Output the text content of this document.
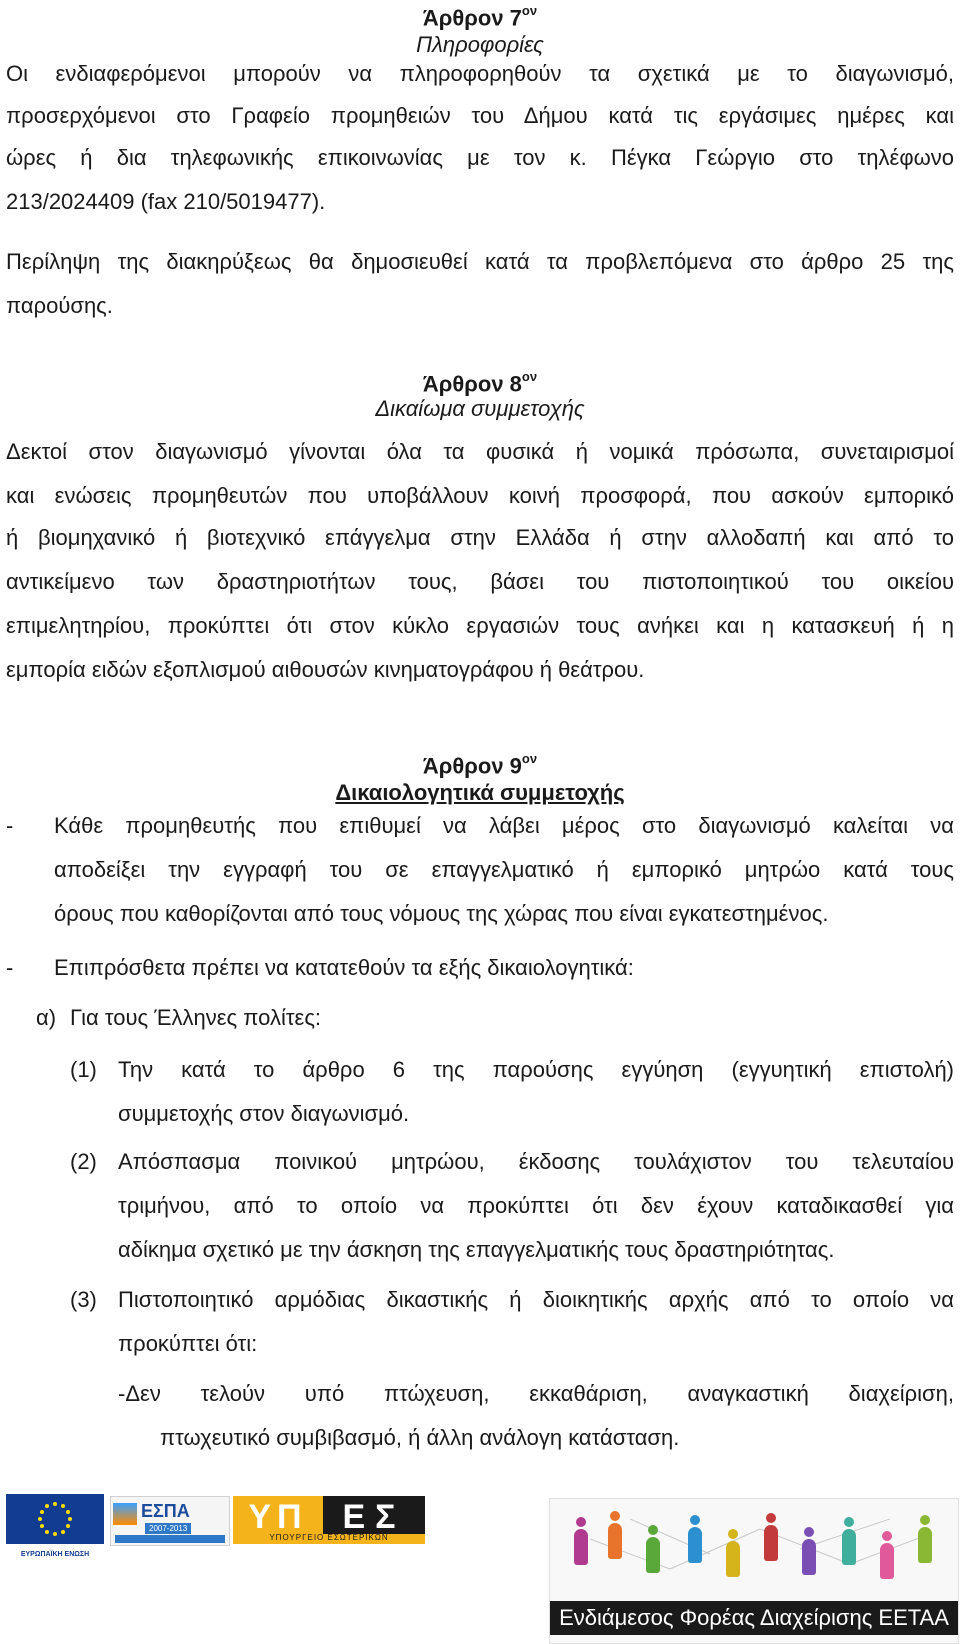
Άρθρον $7^{o\nu}$
Πληροφορίες
Οι ενδιαφερόμενοι μπορούν να πληροφορηθούν τα σχετικά με το διαγωνισμό,
προσερχόμενοι στο Γραφείο προμηθειών του Δήμου κατά τις εργάσιμες ημέρες και
ώρες ή δια τηλεφωνικής επικοινωνίας με τον κ. Πέγκα Γεώργιο στο τηλέφωνο
213/2024409 (fax 210/5019477).
Περίληψη της διακηρύξεως θα δημοσιευθεί κατά τα προβλεπόμενα στο άρθρο 25 της
παρούσης.
Άρθρον $8^{o\nu}$
Δικαίωμα συμμετοχής
Δεκτοί στον διαγωνισμό γίνονται όλα τα φυσικά ή νομικά πρόσωπα, συνεταιρισμοί
και ενώσεις προμηθευτών που υποβάλλουν κοινή προσφορά, που ασκούν εμπορικό
ή βιομηχανικό ή βιοτεχνικό επάγγελμα στην Ελλάδα ή στην αλλοδαπή και από το
αντικείμενο των δραστηριοτήτων τους, βάσει του πιστοποιητικού του οικείου
επιμελητηρίου, προκύπτει ότι στον κύκλο εργασιών τους ανήκει και η κατασκευή ή η
εμπορία ειδών εξοπλισμού αιθουσών κινηματογράφου ή θεάτρου.
Άρθρον $9^{o\nu}$
Δικαιολογητικά συμμετοχής
- Κάθε προμηθευτής που επιθυμεί να λάβει μέρος στο διαγωνισμό καλείται να
αποδείξει την εγγραφή του σε επαγγελματικό ή εμπορικό μητρώο κατά τους
όρους που καθορίζονται από τους νόμους της χώρας που είναι εγκατεστημένος.
- Επιπρόσθετα πρέπει να κατατεθούν τα εξής δικαιολογητικά:
α) Για τους Έλληνες πολίτες:
(1) Την κατά το άρθρο 6 της παρούσης εγγύηση (εγγυητική επιστολή)
συμμετοχής στον διαγωνισμό.
(2) Απόσπασμα ποινικού μητρώου, έκδοσης τουλάχιστον του τελευταίου
τριμήνου, από το οποίο να προκύπτει ότι δεν έχουν καταδικασθεί για
αδίκημα σχετικό με την άσκηση της επαγγελματικής τους δραστηριότητας.
(3) Πιστοποιητικό αρμόδιας δικαστικής ή διοικητικής αρχής από το οποίο να
προκύπτει ότι:
-Δεν τελούν υπό πτώχευση, εκκαθάριση, αναγκαστική διαχείριση,
πτωχευτικό συμβιβασμό, ή άλλη ανάλογη κατάσταση.
ΕΥΡΩΠΑΪΚΗ ΕΝΩΣΗ
ΕΣΠΑ
2007-2013	ΥΠ	ΕΣ
ΥΠΟΥΡΓΕΙΟ ΕΣΩΤΕΡΙΚΩΝ
Ενδιάμεσος Φορέας Διαχείρισης ΕΕΤΑΑ
